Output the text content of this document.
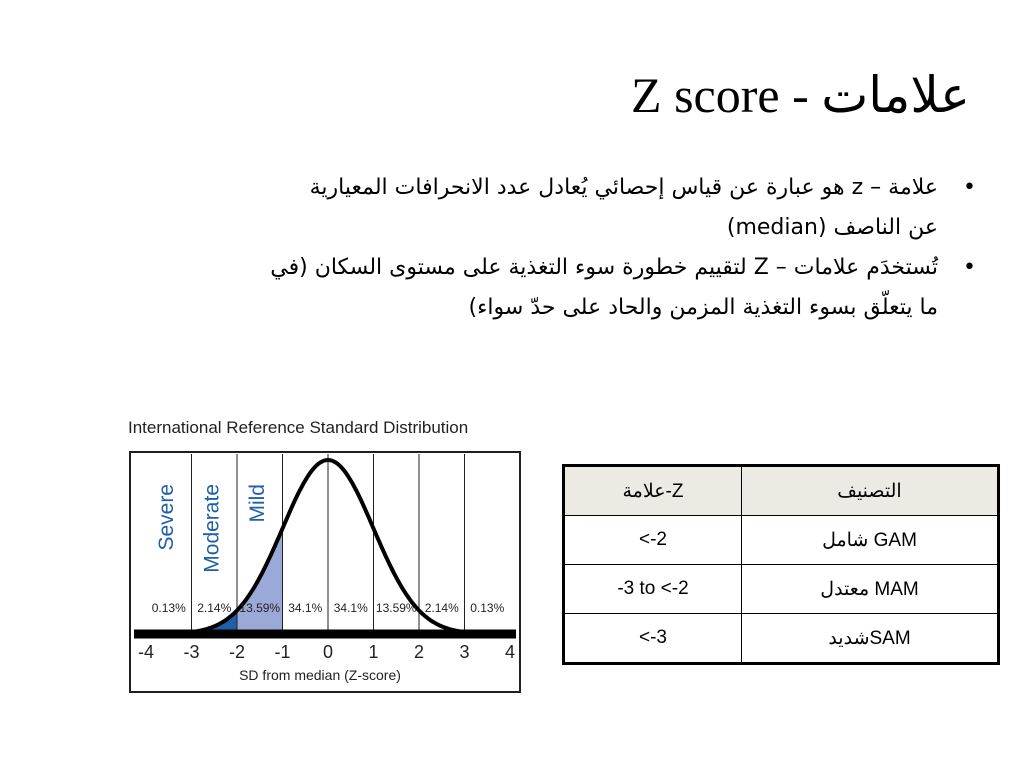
علامات - Z score
•

علامة – z هو عبارة عن قياس إحصائي يُعادل عدد الانحرافات المعيارية

عن الناصف (median)

•

تُستخدَم علامات – Z لتقييم خطورة سوء التغذية على مستوى السكان (في

ما يتعلّق بسوء التغذية المزمن والحاد على حدّ سواء)

International Reference Standard Distribution
0.13% 2.14% 13.59% 34.1% 34.1% 13.59% 2.14% 0.13%
Severe Moderate Mild
-4 -3 -2 -1 0 1 2 3 4
SD from median (Z-score)
علامة-Z	التصنيف
<-2	شامل GAM
-3 to <-2	معتدل MAM
<-3	شديدSAM
